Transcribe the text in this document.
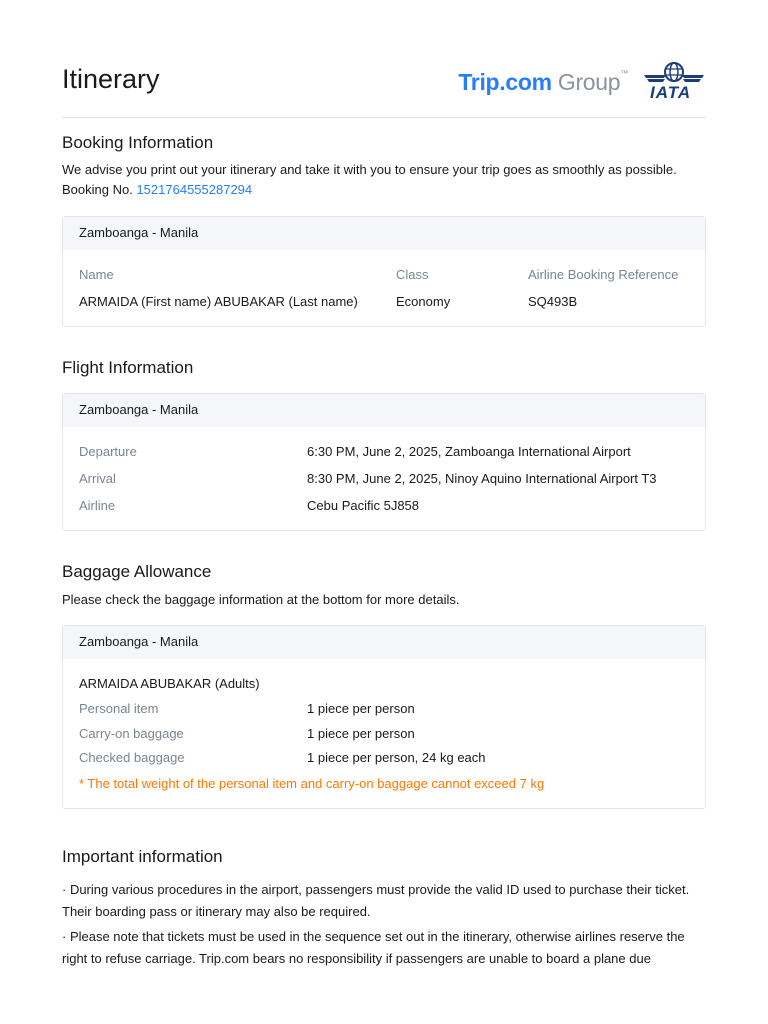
Itinerary	Trip.com Group™
IATA
Booking Information
We advise you print out your itinerary and take it with you to ensure your trip goes as smoothly as possible.
Booking No. 1521764555287294
Zamboanga - Manila
Name	Class	Airline Booking Reference
ARMAIDA (First name) ABUBAKAR (Last name)	Economy	SQ493B
Flight Information
Zamboanga - Manila
Departure	6:30 PM, June 2, 2025, Zamboanga International Airport
Arrival	8:30 PM, June 2, 2025, Ninoy Aquino International Airport T3
Airline	Cebu Pacific 5J858
Baggage Allowance
Please check the baggage information at the bottom for more details.
Zamboanga - Manila
ARMAIDA ABUBAKAR (Adults)
Personal item	1 piece per person
Carry-on baggage	1 piece per person
Checked baggage	1 piece per person, 24 kg each
* The total weight of the personal item and carry-on baggage cannot exceed 7 kg
Important information
· During various procedures in the airport, passengers must provide the valid ID used to purchase their ticket. Their boarding pass or itinerary may also be required.
· Please note that tickets must be used in the sequence set out in the itinerary, otherwise airlines reserve the right to refuse carriage. Trip.com bears no responsibility if passengers are unable to board a plane due
